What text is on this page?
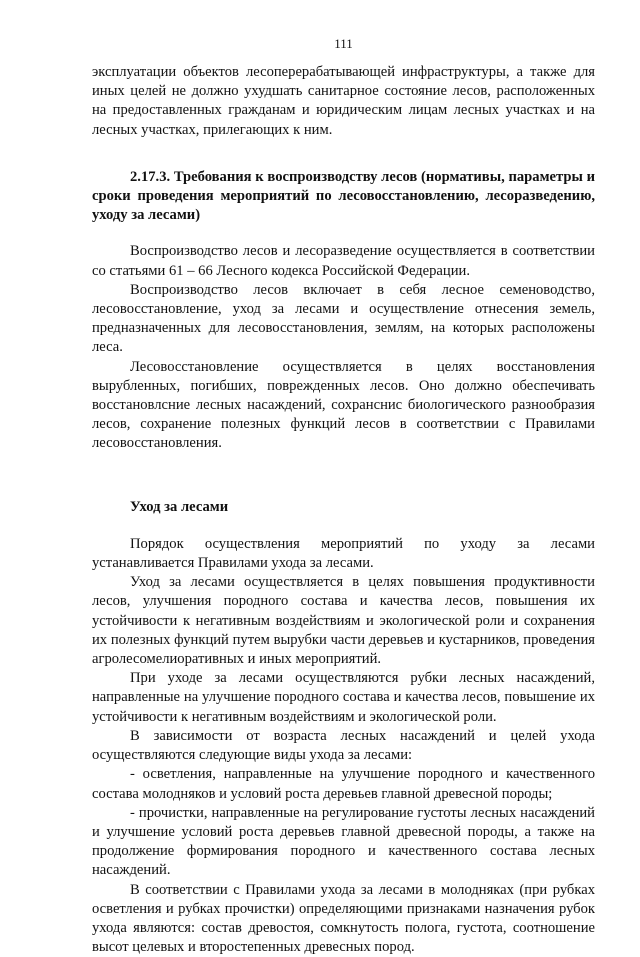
111

эксплуатации объектов лесоперерабатывающей инфраструктуры, а также для иных целей не должно ухудшать санитарное состояние лесов, расположенных на предоставленных гражданам и юридическим лицам лесных участках и на лесных участках, прилегающих к ним.

2.17.3. Требования к воспроизводству лесов (нормативы, параметры и сроки проведения мероприятий по лесовосстановлению, лесоразведению, уходу за лесами)

Воспроизводство лесов и лесоразведение осуществляется в соответствии со статьями 61 – 66 Лесного кодекса Российской Федерации.

Воспроизводство лесов включает в себя лесное семеноводство, лесовосстановление, уход за лесами и осуществление отнесения земель, предназначенных для лесовосстановления, землям, на которых расположены леса.

Лесовосстановление осуществляется в целях восстановления вырубленных, погибших, поврежденных лесов. Оно должно обеспечивать восстановлсние лесных насаждений, сохранснис биологического разнообразия лесов, сохранение полезных функций лесов в соответствии с Правилами лесовосстановления.

Уход за лесами

Порядок осуществления мероприятий по уходу за лесами устанавливается Правилами ухода за лесами.

Уход за лесами осуществляется в целях повышения продуктивности лесов, улучшения породного состава и качества лесов, повышения их устойчивости к негативным воздействиям и экологической роли и сохранения их полезных функций путем вырубки части деревьев и кустарников, проведения агролесомелиоративных и иных мероприятий.

При уходе за лесами осуществляются рубки лесных насаждений, направленные на улучшение породного состава и качества лесов, повышение их устойчивости к негативным воздействиям и экологической роли.

В зависимости от возраста лесных насаждений и целей ухода осуществляются следующие виды ухода за лесами:

- осветления, направленные на улучшение породного и качественного состава молодняков и условий роста деревьев главной древесной породы;

- прочистки, направленные на регулирование густоты лесных насаждений и улучшение условий роста деревьев главной древесной породы, а также на продолжение формирования породного и качественного состава лесных насаждений.

В соответствии с Правилами ухода за лесами в молодняках (при рубках осветления и рубках прочистки) определяющими признаками назначения рубок ухода являются: состав древостоя, сомкнутость полога, густота, соотношение высот целевых и второстепенных древесных пород.
